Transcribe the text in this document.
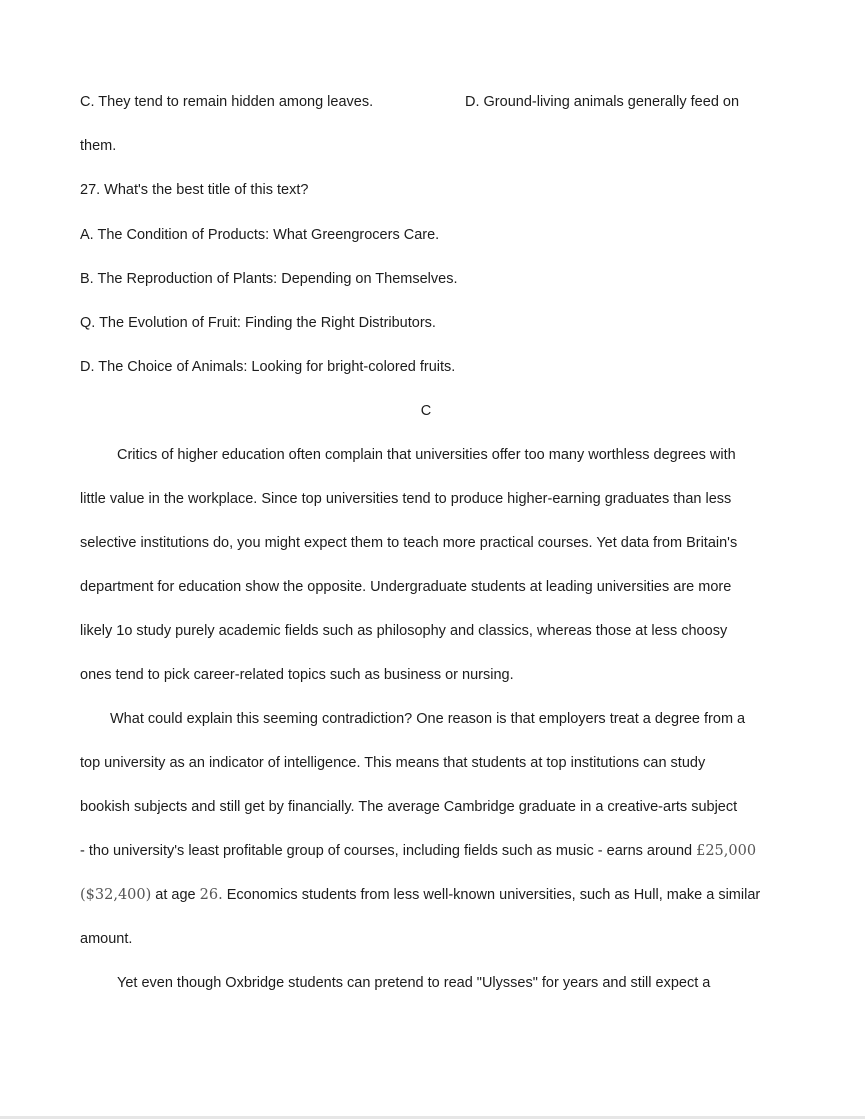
C. They tend to remain hidden among leaves.	D. Ground-living animals generally feed on
them.
27. What's the best title of this text?
A. The Condition of Products: What Greengrocers Care.
B. The Reproduction of Plants: Depending on Themselves.
Q. The Evolution of Fruit: Finding the Right Distributors.
D. The Choice of Animals: Looking for bright-colored fruits.
C
Critics of higher education often complain that universities offer too many worthless degrees with
little value in the workplace. Since top universities tend to produce higher-earning graduates than less
selective institutions do, you might expect them to teach more practical courses. Yet data from Britain's
department for education show the opposite. Undergraduate students at leading universities are more
likely 1o study purely academic fields such as philosophy and classics, whereas those at less choosy
ones tend to pick career-related topics such as business or nursing.
What could explain this seeming contradiction? One reason is that employers treat a degree from a
top university as an indicator of intelligence. This means that students at top institutions can study
bookish subjects and still get by financially. The average Cambridge graduate in a creative-arts subject
- tho university's least profitable group of courses, including fields such as music - earns around £25,000
($32,400) at age 26. Economics students from less well-known universities, such as Hull, make a similar
amount.
Yet even though Oxbridge students can pretend to read "Ulysses" for years and still expect a
